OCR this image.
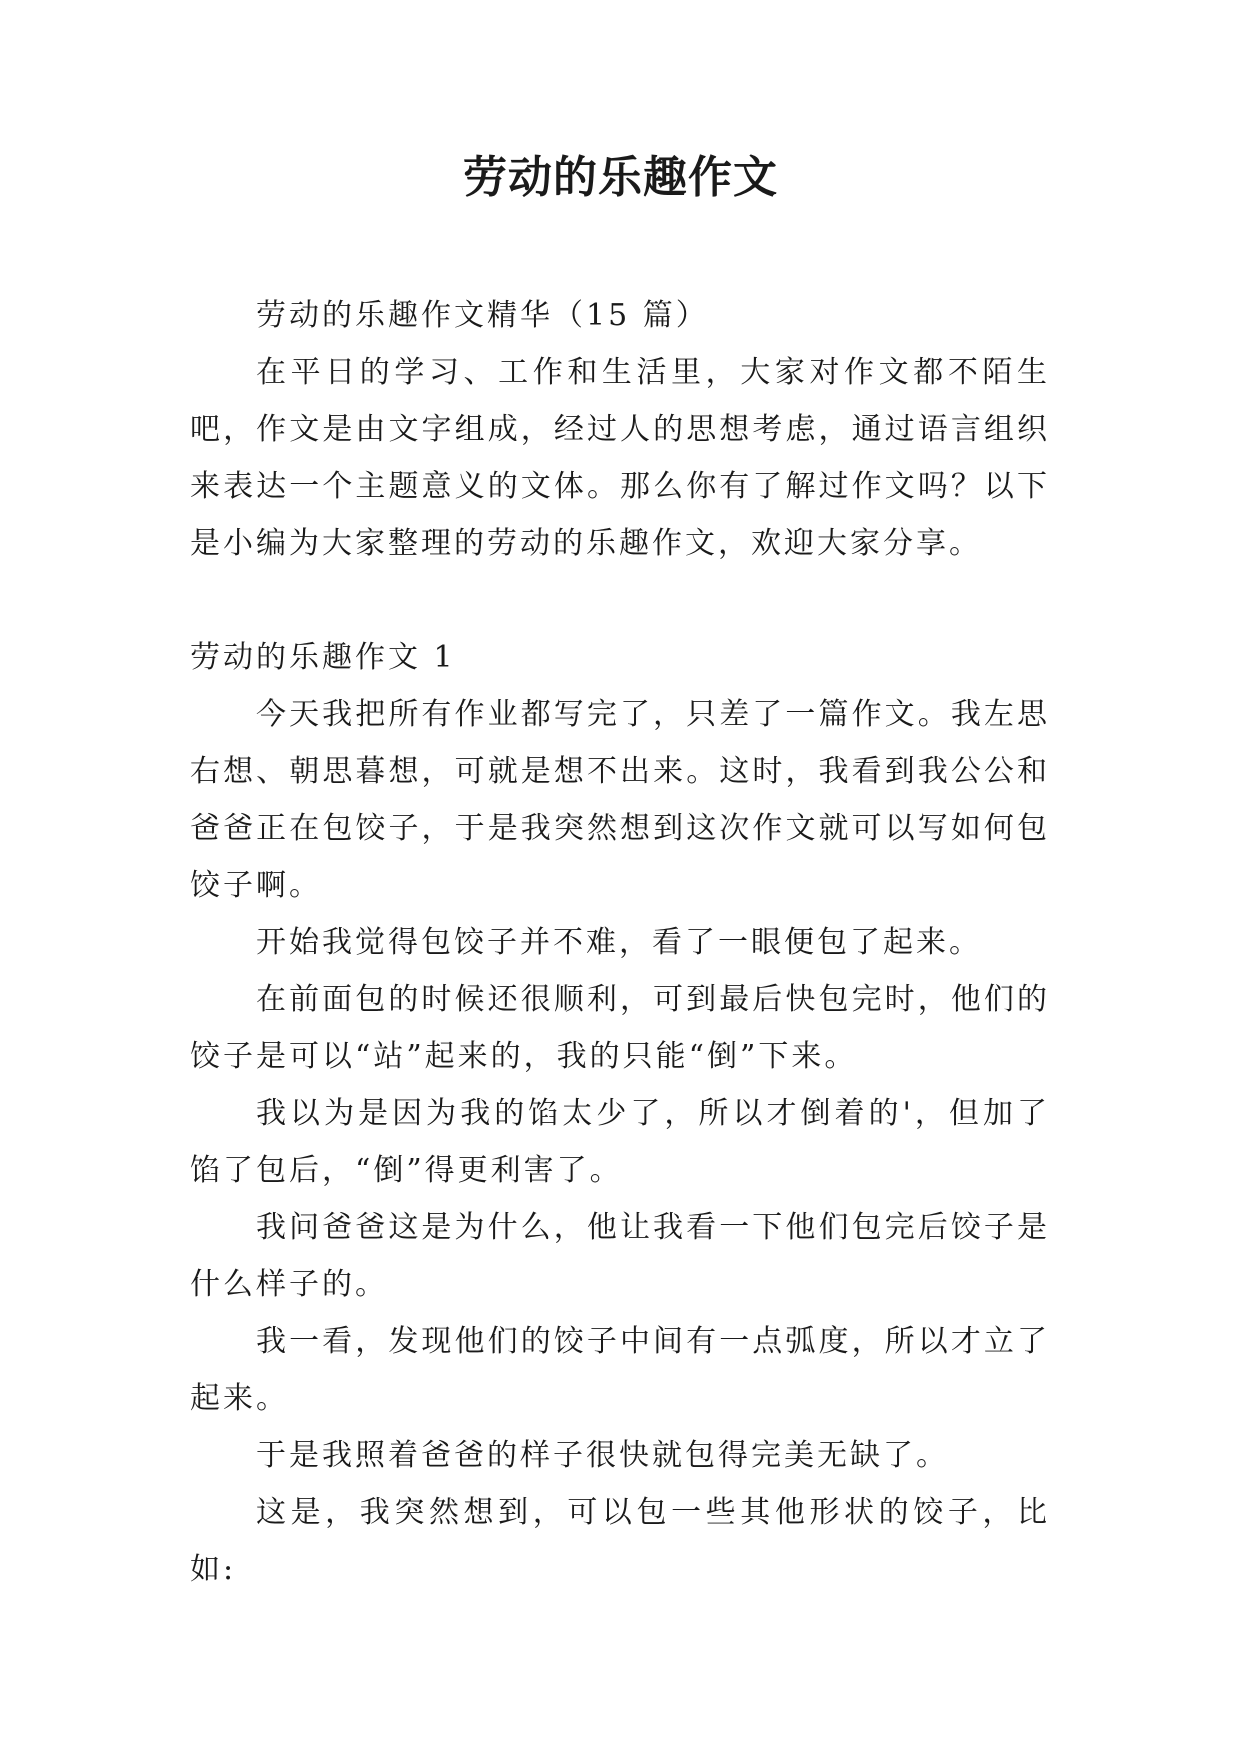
劳动的乐趣作文

劳动的乐趣作文精华（15 篇）

在平日的学习、工作和生活里，大家对作文都不陌生吧，作文是由文字组成，经过人的思想考虑，通过语言组织来表达一个主题意义的文体。那么你有了解过作文吗？以下是小编为大家整理的劳动的乐趣作文，欢迎大家分享。

劳动的乐趣作文 1

今天我把所有作业都写完了，只差了一篇作文。我左思右想、朝思暮想，可就是想不出来。这时，我看到我公公和爸爸正在包饺子，于是我突然想到这次作文就可以写如何包饺子啊。

开始我觉得包饺子并不难，看了一眼便包了起来。

在前面包的时候还很顺利，可到最后快包完时，他们的饺子是可以“站”起来的，我的只能“倒”下来。

我以为是因为我的馅太少了，所以才倒着的'，但加了馅了包后，“倒”得更利害了。

我问爸爸这是为什么，他让我看一下他们包完后饺子是什么样子的。

我一看，发现他们的饺子中间有一点弧度，所以才立了起来。

于是我照着爸爸的样子很快就包得完美无缺了。

这是，我突然想到，可以包一些其他形状的饺子，比如:
